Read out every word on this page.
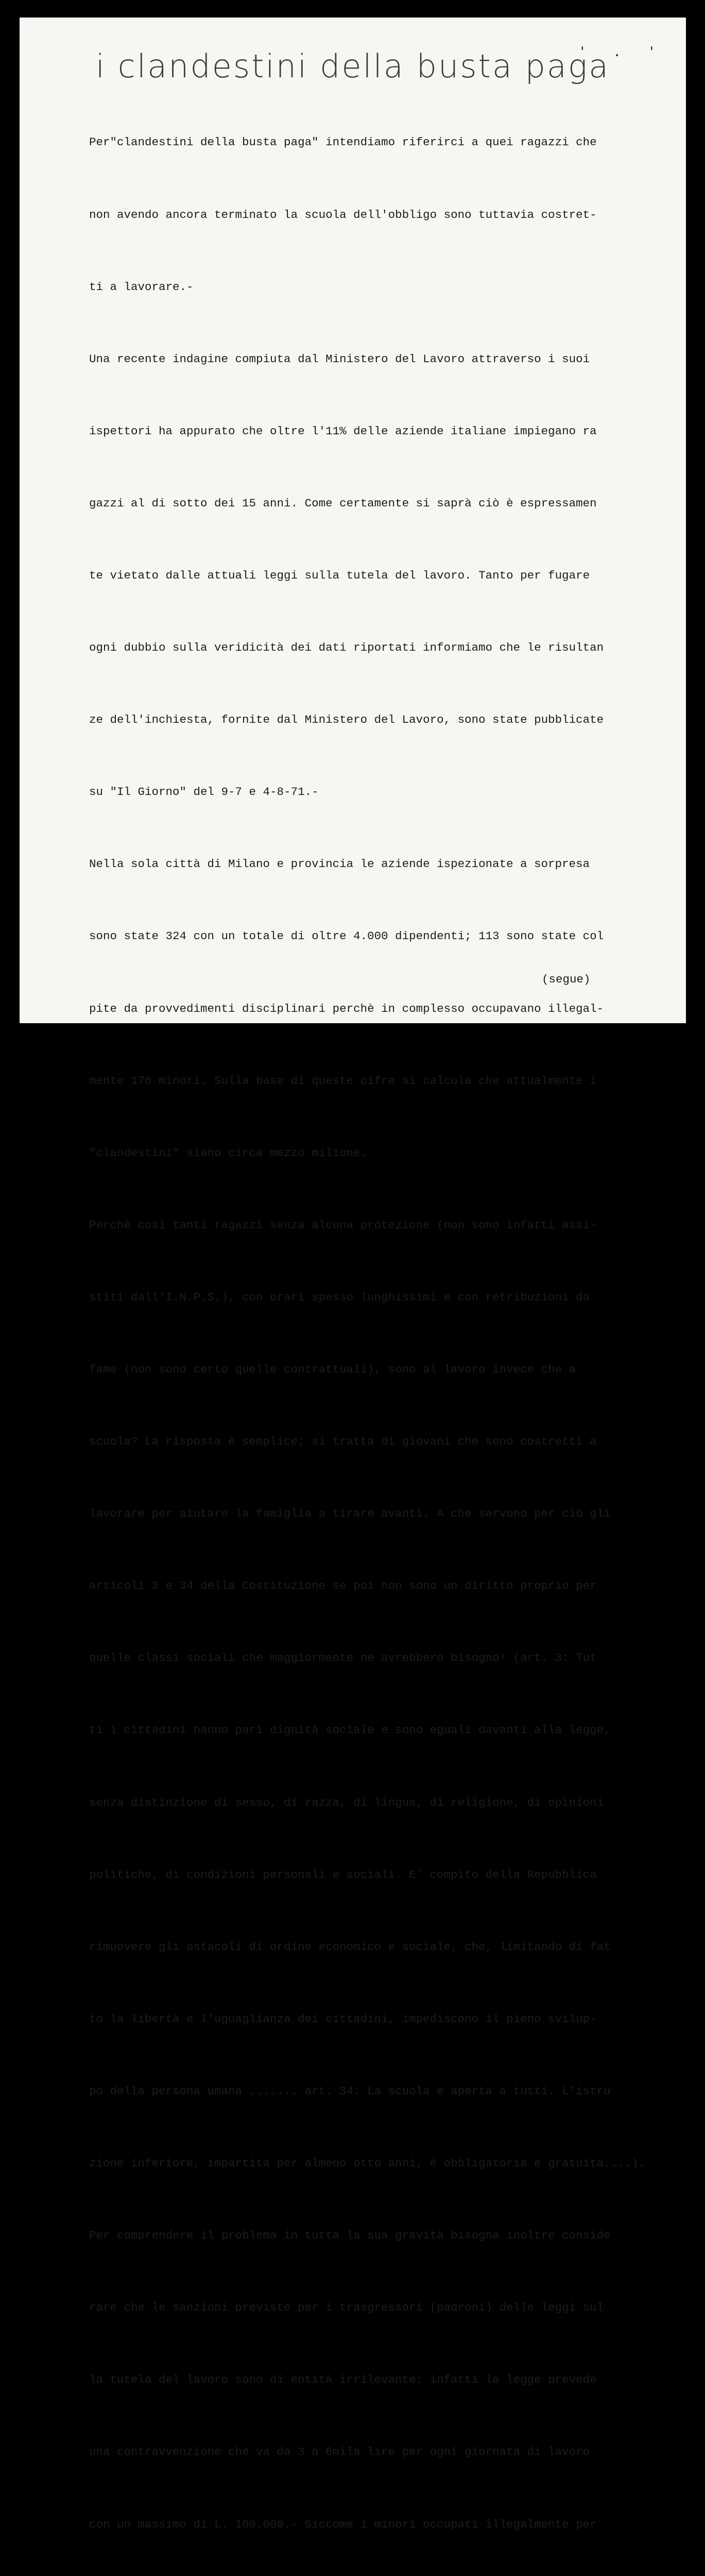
i clandestini della busta paga
' . '

Per"clandestini della busta paga" intendiamo riferirci a quei ragazzi che

non avendo ancora terminato la scuola dell'obbligo sono tuttavia costret-

ti a lavorare.-

Una recente indagine compiuta dal Ministero del Lavoro attraverso i suoi

ispettori ha appurato che oltre l'11% delle aziende italiane impiegano ra

gazzi al di sotto dei 15 anni. Come certamente si saprà ciò è espressamen

te vietato dalle attuali leggi sulla tutela del lavoro. Tanto per fugare

ogni dubbio sulla veridicità dei dati riportati informiamo che le risultan

ze dell'inchiesta, fornite dal Ministero del Lavoro, sono state pubblicate

su "Il Giorno" del 9-7 e 4-8-71.-

Nella sola città di Milano e provincia le aziende ispezionate a sorpresa

sono state 324 con un totale di oltre 4.000 dipendenti; 113 sono state col

pite da provvedimenti disciplinari perchè in complesso occupavano illegal-

mente 176 minori. Sulla base di queste cifre si calcola che attualmente i

"clandestini" siano circa mezzo milione.

Perchè così tanti ragazzi senza alcuna protezione (non sono infatti assi-

stiti dall'I.N.P.S.), con orari spesso lunghissimi e con retribuzioni da

fame (non sono certo quelle contrattuali), sono al lavoro invece che a

scuola? La risposta è semplice; si tratta di giovani che sono costretti a

lavorare per aiutare la famiglia a tirare avanti. A che servono per ciò gli

articoli 3 e 34 della Costituzione se poi non sono un diritto proprio per

quelle classi sociali che maggiormente ne avrebbero bisogno! (art. 3: Tut

ti i cittadini hanno pari dignità sociale e sono eguali davanti alla legge,

senza distinzione di sesso, di razza, di lingua, di religione, di opinioni

politiche, di condizioni personali e sociali. E' compito della Repubblica

rimuovere gli ostacoli di ordine economico e sociale, che, limitando di fat

to la libertà e l'uguaglianza dei cittadini, impediscono il pieno svilup-

po della persona umana ....... art. 34: La scuola è aperta a tutti. L'istru

zione inferiore, impartita per almeno otto anni, è obbligatoria e gratuita....).

Per comprendere il problema in tutta la sua gravità bisogna inoltre conside

rare che le sanzioni previste per i trasgressori (padroni) delle leggi sul

la tutela del lavoro sono di entità irrilevante; infatti la legge prevede

una contravvenzione che va da 3 a 6mila lire per ogni giornata di lavoro

con un massimo di L. 100.000.- Siccome i minori occupati illegalmente per

(segue)
